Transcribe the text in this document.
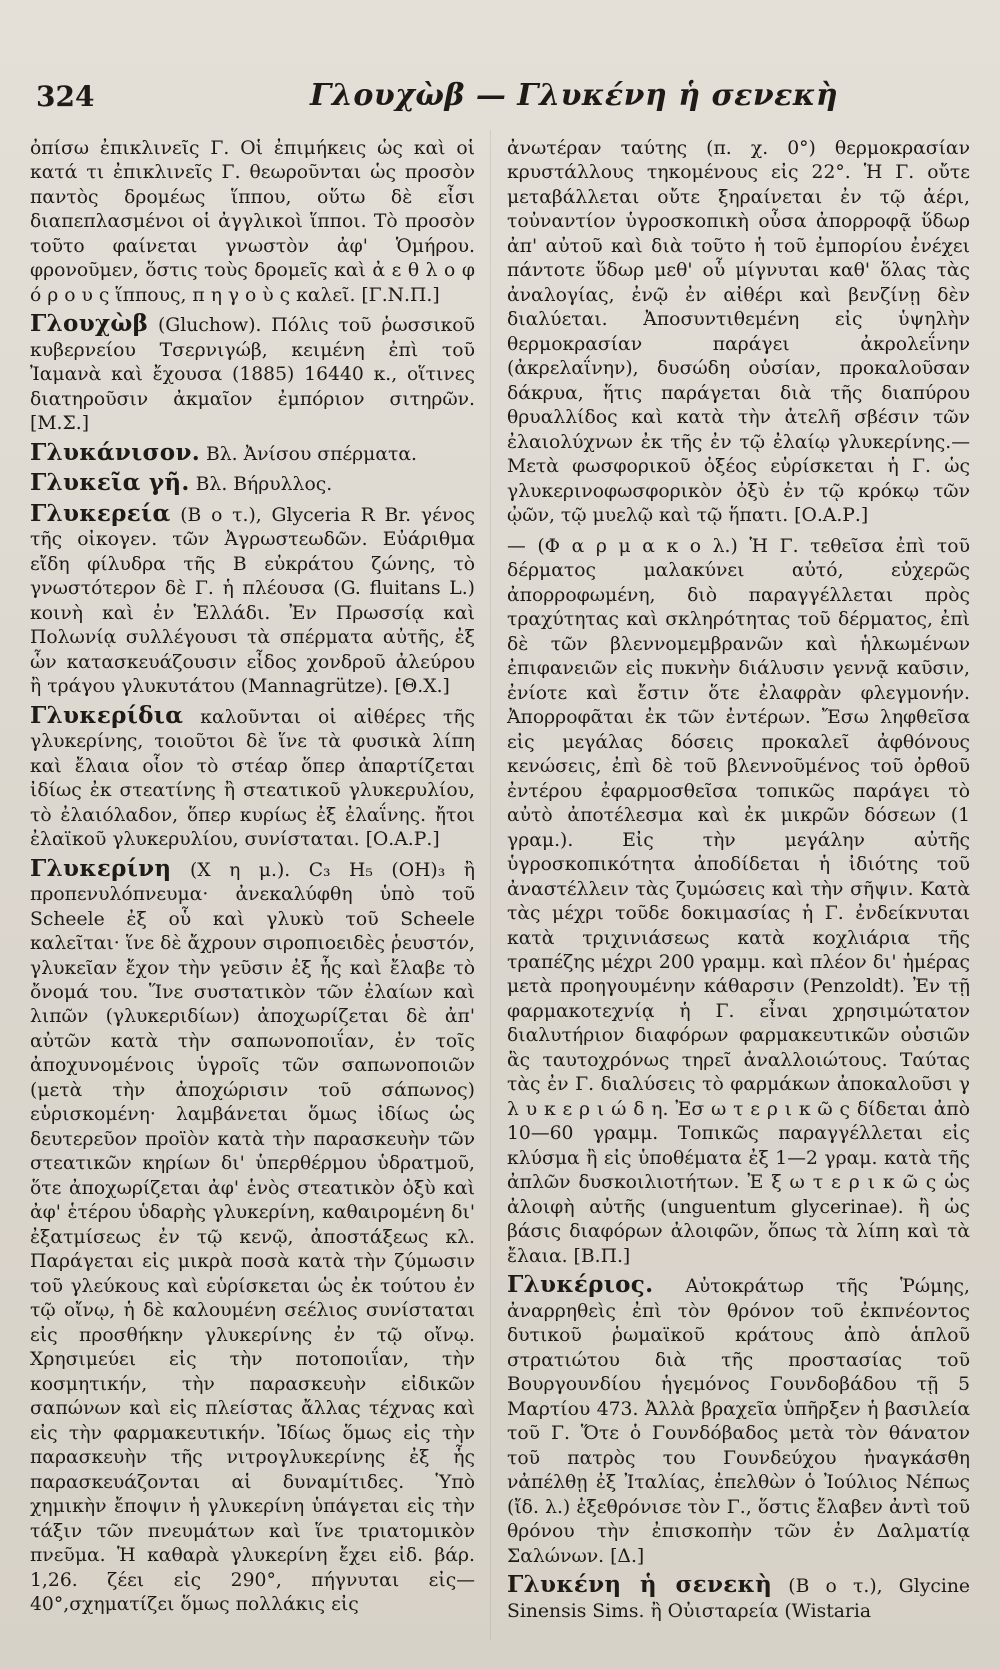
324	Γλουχὼβ — Γλυκένη ἡ σενεκὴ

ὀπίσω ἐπικλινεῖς Γ. Οἱ ἐπιμήκεις ὡς καὶ οἱ κατά τι ἐπικλινεῖς Γ. θεωροῦνται ὡς προσὸν παντὸς δρομέως ἵππου, οὕτω δὲ εἶσι διαπεπλασμένοι οἱ ἀγγλικοὶ ἵπποι. Τὸ προσὸν τοῦτο φαίνεται γνωστὸν ἀφ' Ὁμήρου. φρονοῦμεν, ὅστις τοὺς δρομεῖς καὶ ἀ ε θ λ ο φ ό ρ ο υ ς ἵππους, π η γ ο ὺ ς καλεῖ. [Γ.Ν.Π.]

Γλουχὼβ (Gluchow). Πόλις τοῦ ῥωσσικοῦ κυβερνείου Τσερνιγώβ, κειμένη ἐπὶ τοῦ Ἰαμανὰ καὶ ἔχουσα (1885) 16440 κ., οἵτινες διατηροῦσιν ἀκμαῖον ἐμπόριον σιτηρῶν. [Μ.Σ.]

Γλυκάνισον. Βλ. Ἀνίσου σπέρματα.

Γλυκεῖα γῆ. Βλ. Βήρυλλος.

Γλυκερεία (Β ο τ.), Glyceria R Br. γένος τῆς οἰκογεν. τῶν Ἀγρωστεωδῶν. Εὐάριθμα εἴδη φίλυδρα τῆς Β εὐκράτου ζώνης, τὸ γνωστότερον δὲ Γ. ἡ πλέουσα (G. fluitans L.) κοινὴ καὶ ἐν Ἑλλάδι. Ἐν Πρωσσίᾳ καὶ Πολωνίᾳ συλλέγουσι τὰ σπέρματα αὐτῆς, ἐξ ὧν κατασκευάζουσιν εἶδος χονδροῦ ἀλεύρου ἢ τράγου γλυκυτάτου (Mannagrütze). [Θ.Χ.]

Γλυκερίδια καλοῦνται οἱ αἰθέρες τῆς γλυκερίνης, τοιοῦτοι δὲ ἵνε τὰ φυσικὰ λίπη καὶ ἔλαια οἷον τὸ στέαρ ὅπερ ἀπαρτίζεται ἰδίως ἐκ στεατίνης ἢ στεατικοῦ γλυκερυλίου, τὸ ἐλαιόλαδον, ὅπερ κυρίως ἐξ ἐλαΐνης. ἤτοι ἐλαϊκοῦ γλυκερυλίου, συνίσταται. [Ο.Α.Ρ.]

Γλυκερίνη (Χ η μ.). C₃ H₅ (OH)₃ ἢ προπενυλόπνευμα· ἀνεκαλύφθη ὑπὸ τοῦ Scheele ἐξ οὗ καὶ γλυκὺ τοῦ Scheele καλεῖται· ἵνε δὲ ἄχρουν σιροπιοειδὲς ῥευστόν, γλυκεῖαν ἔχον τὴν γεῦσιν ἐξ ἧς καὶ ἔλαβε τὸ ὄνομά του. Ἵνε συστατικὸν τῶν ἐλαίων καὶ λιπῶν (γλυκεριδίων) ἀποχωρίζεται δὲ ἀπ' αὐτῶν κατὰ τὴν σαπωνοποιΐαν, ἐν τοῖς ἀποχυνομένοις ὑγροῖς τῶν σαπωνοποιῶν (μετὰ τὴν ἀποχώρισιν τοῦ σάπωνος) εὑρισκομένη· λαμβάνεται ὅμως ἰδίως ὡς δευτερεῦον προϊὸν κατὰ τὴν παρασκευὴν τῶν στεατικῶν κηρίων δι' ὑπερθέρμου ὑδρατμοῦ, ὅτε ἀποχωρίζεται ἀφ' ἑνὸς στεατικὸν ὀξὺ καὶ ἀφ' ἑτέρου ὑδαρὴς γλυκερίνη, καθαιρομένη δι' ἐξατμίσεως ἐν τῷ κενῷ, ἀποστάξεως κλ. Παράγεται εἰς μικρὰ ποσὰ κατὰ τὴν ζύμωσιν τοῦ γλεύκους καὶ εὑρίσκεται ὡς ἐκ τούτου ἐν τῷ οἴνῳ, ἡ δὲ καλουμένη σεέλιος συνίσταται εἰς προσθήκην γλυκερίνης ἐν τῷ οἴνῳ. Χρησιμεύει εἰς τὴν ποτοποιΐαν, τὴν κοσμητικήν, τὴν παρασκευὴν εἰδικῶν σαπώνων καὶ εἰς πλείστας ἄλλας τέχνας καὶ εἰς τὴν φαρμακευτικήν. Ἰδίως ὅμως εἰς τὴν παρασκευὴν τῆς νιτρογλυκερίνης ἐξ ἧς παρασκευάζονται αἱ δυναμίτιδες. Ὑπὸ χημικὴν ἔποψιν ἡ γλυκερίνη ὑπάγεται εἰς τὴν τάξιν τῶν πνευμάτων καὶ ἵνε τριατομικὸν πνεῦμα. Ἡ καθαρὰ γλυκερίνη ἔχει εἰδ. βάρ. 1,26. ζέει εἰς 290°, πήγνυται εἰς—40°,σχηματίζει ὅμως πολλάκις εἰς

ἀνωτέραν ταύτης (π. χ. 0°) θερμοκρασίαν κρυστάλλους τηκομένους εἰς 22°. Ἡ Γ. οὔτε μεταβάλλεται οὔτε ξηραίνεται ἐν τῷ ἀέρι, τοὐναντίον ὑγροσκοπικὴ οὖσα ἀπορροφᾷ ὕδωρ ἀπ' αὐτοῦ καὶ διὰ τοῦτο ἡ τοῦ ἐμπορίου ἐνέχει πάντοτε ὕδωρ μεθ' οὗ μίγνυται καθ' ὅλας τὰς ἀναλογίας, ἐνῷ ἐν αἰθέρι καὶ βενζίνῃ δὲν διαλύεται. Ἀποσυντιθεμένη εἰς ὑψηλὴν θερμοκρασίαν παράγει ἀκρολεΐνην (ἀκρελαΐνην), δυσώδη οὐσίαν, προκαλοῦσαν δάκρυα, ἥτις παράγεται διὰ τῆς διαπύρου θρυαλλίδος καὶ κατὰ τὴν ἀτελῆ σβέσιν τῶν ἐλαιολύχνων ἐκ τῆς ἐν τῷ ἐλαίῳ γλυκερίνης.— Μετὰ φωσφορικοῦ ὀξέος εὑρίσκεται ἡ Γ. ὡς γλυκερινοφωσφορικὸν ὀξὺ ἐν τῷ κρόκῳ τῶν ᾠῶν, τῷ μυελῷ καὶ τῷ ἥπατι. [Ο.Α.Ρ.]

— (Φ α ρ μ α κ ο λ.) Ἡ Γ. τεθεῖσα ἐπὶ τοῦ δέρματος μαλακύνει αὐτό, εὐχερῶς ἀπορροφωμένη, διὸ παραγγέλλεται πρὸς τραχύτητας καὶ σκληρότητας τοῦ δέρματος, ἐπὶ δὲ τῶν βλεννομεμβρανῶν καὶ ἡλκωμένων ἐπιφανειῶν εἰς πυκνὴν διάλυσιν γεννᾷ καῦσιν, ἐνίοτε καὶ ἔστιν ὅτε ἐλαφρὰν φλεγμονήν. Ἀπορροφᾶται ἐκ τῶν ἐντέρων. Ἔσω ληφθεῖσα εἰς μεγάλας δόσεις προκαλεῖ ἀφθόνους κενώσεις, ἐπὶ δὲ τοῦ βλεννοῦμένος τοῦ ὀρθοῦ ἐντέρου ἐφαρμοσθεῖσα τοπικῶς παράγει τὸ αὐτὸ ἀποτέλεσμα καὶ ἐκ μικρῶν δόσεων (1 γραμ.). Εἰς τὴν μεγάλην αὐτῆς ὑγροσκοπικότητα ἀποδίδεται ἡ ἰδιότης τοῦ ἀναστέλλειν τὰς ζυμώσεις καὶ τὴν σῆψιν. Κατὰ τὰς μέχρι τοῦδε δοκιμασίας ἡ Γ. ἐνδείκνυται κατὰ τριχινιάσεως κατὰ κοχλιάρια τῆς τραπέζης μέχρι 200 γραμμ. καὶ πλέον δι' ἡμέρας μετὰ προηγουμένην κάθαρσιν (Penzoldt). Ἐν τῇ φαρμακοτεχνίᾳ ἡ Γ. εἶναι χρησιμώτατον διαλυτήριον διαφόρων φαρμακευτικῶν οὐσιῶν ἃς ταυτοχρόνως τηρεῖ ἀναλλοιώτους. Ταύτας τὰς ἐν Γ. διαλύσεις τὸ φαρμάκων ἀποκαλοῦσι γ λ υ κ ε ρ ι ώ δ η. Ἐσ ω τ ε ρ ι κ ῶ ς δίδεται ἀπὸ 10—60 γραμμ. Τοπικῶς παραγγέλλεται εἰς κλύσμα ἢ εἰς ὑποθέματα ἐξ 1—2 γραμ. κατὰ τῆς ἀπλῶν δυσκοιλιοτήτων. Ἐ ξ ω τ ε ρ ι κ ῶ ς ὡς ἀλοιφὴ αὐτῆς (unguentum glycerinae). ἢ ὡς βάσις διαφόρων ἀλοιφῶν, ὅπως τὰ λίπη καὶ τὰ ἔλαια. [Β.Π.]

Γλυκέριος. Αὐτοκράτωρ τῆς Ῥώμης, ἀναρρηθεὶς ἐπὶ τὸν θρόνον τοῦ ἐκπνέοντος δυτικοῦ ῥωμαϊκοῦ κράτους ἀπὸ ἁπλοῦ στρατιώτου διὰ τῆς προστασίας τοῦ Βουργουνδίου ἡγεμόνος Γουνδοβάδου τῇ 5 Μαρτίου 473. Ἀλλὰ βραχεῖα ὑπῆρξεν ἡ βασιλεία τοῦ Γ. Ὅτε ὁ Γουνδόβαδος μετὰ τὸν θάνατον τοῦ πατρὸς του Γουνδεύχου ἠναγκάσθη νἀπέλθῃ ἐξ Ἰταλίας, ἐπελθὼν ὁ Ἰούλιος Νέπως (ἴδ. λ.) ἐξεθρόνισε τὸν Γ., ὅστις ἔλαβεν ἀντὶ τοῦ θρόνου τὴν ἐπισκοπὴν τῶν ἐν Δαλματίᾳ Σαλώνων. [Δ.]

Γλυκένη ἡ σενεκὴ (Β ο τ.), Glycine Sinensis Sims. ἢ Οὐισταρεία (Wistaria
